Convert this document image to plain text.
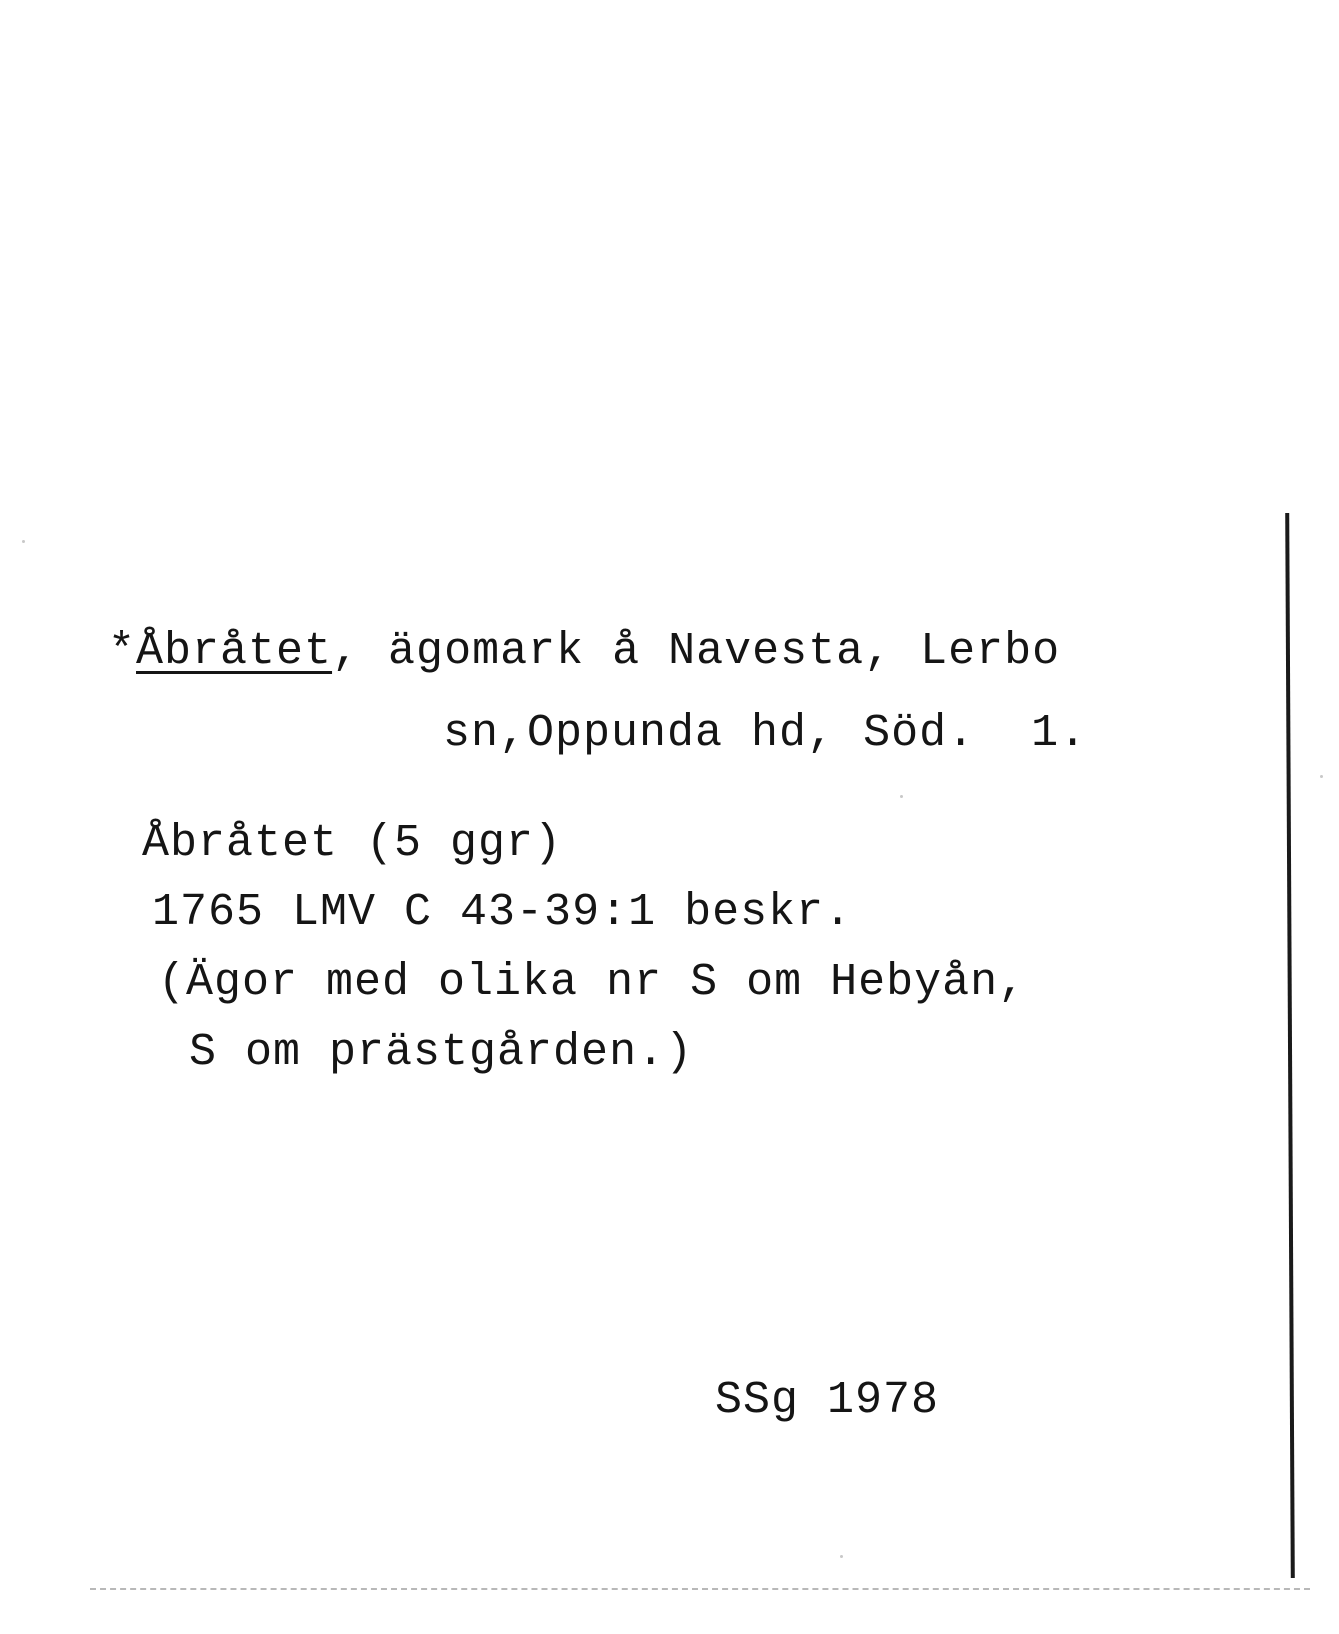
*Åbråtet, ägomark å Navesta, Lerbo
sn,Oppunda hd, Söd.  1.
Åbråtet (5 ggr)
1765 LMV C 43-39:1 beskr.
(Ägor med olika nr S om Hebyån,
S om prästgården.)
SSg 1978
